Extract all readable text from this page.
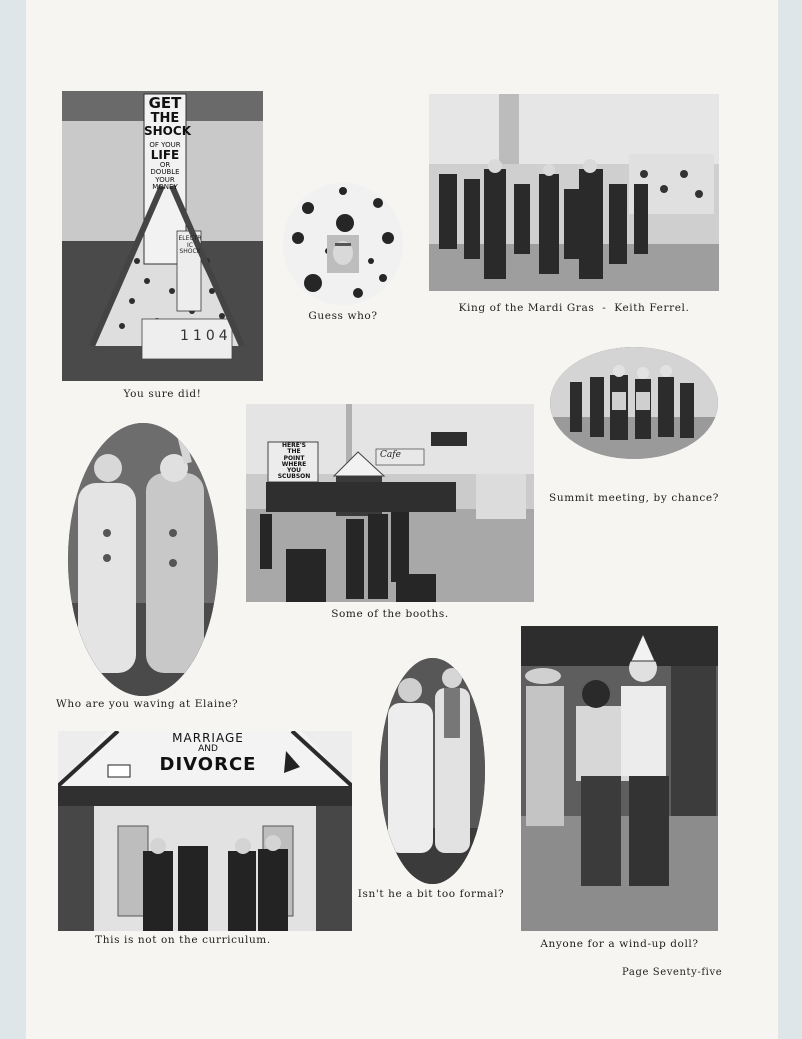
GET
THE
SHOCK
OF YOUR
LIFE
OR
DOUBLE
YOUR
MONEY
ELECTRIC SHOCK
1104
You sure did!
Guess who?
King of the Mardi Gras  -  Keith Ferrel.
Summit meeting, by chance?
HERE'S
THE
POINT
WHERE
YOU
SCUBSON
Cafe
Some of the booths.
Who are you waving at Elaine?
MARRIAGE
AND
DIVORCE
This is not on the curriculum.
Isn't he a bit too formal?
Anyone for a wind-up doll?
Page Seventy-five
